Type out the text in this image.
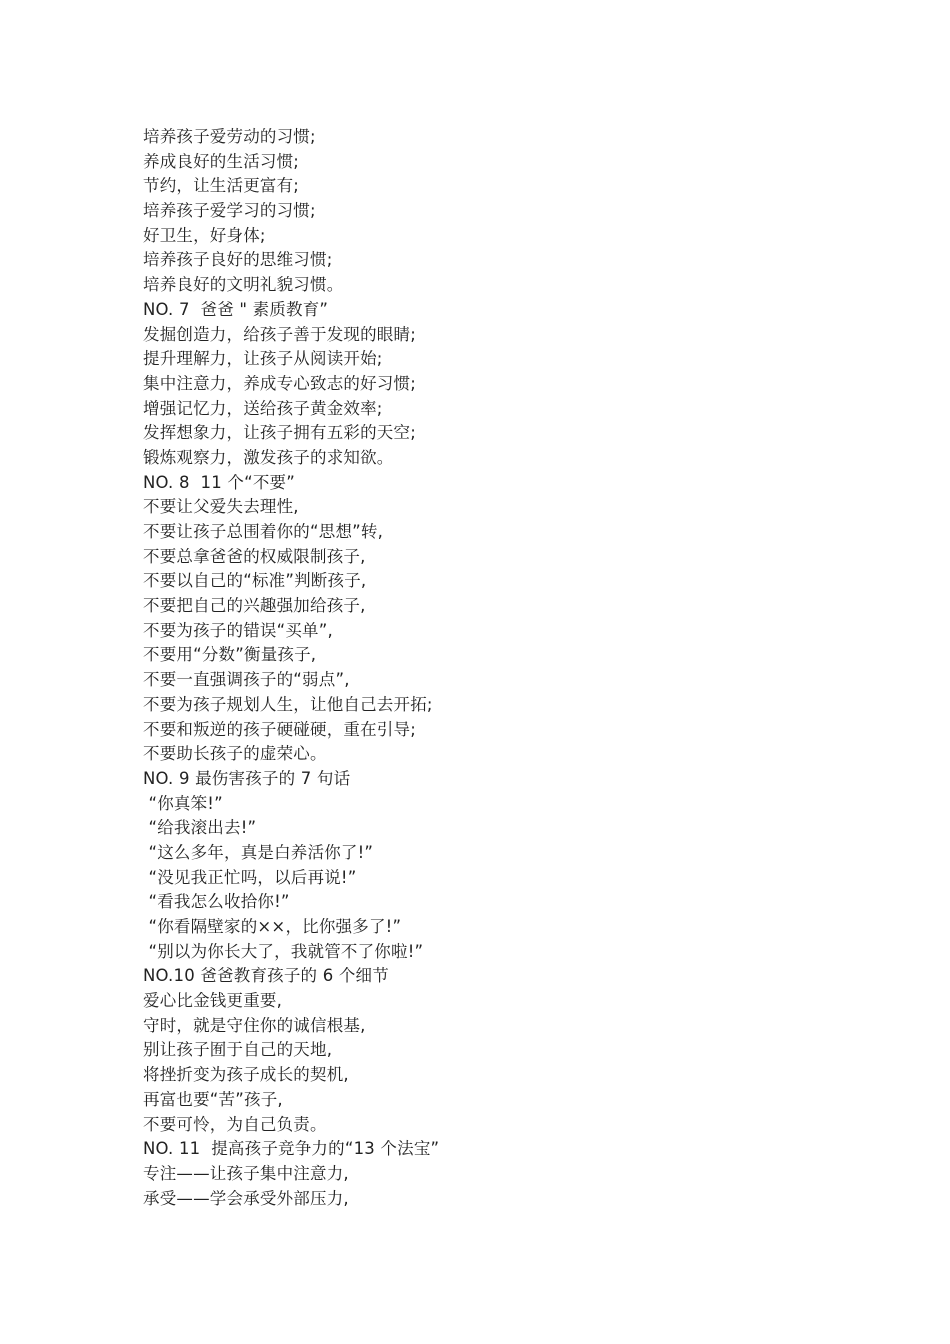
培养孩子爱劳动的习惯;
养成良好的生活习惯;
节约，让生活更富有;
培养孩子爱学习的习惯;
好卫生，好身体;
培养孩子良好的思维习惯;
培养良好的文明礼貌习惯。
NO. 7  爸爸 " 素质教育”
发掘创造力，给孩子善于发现的眼睛;
提升理解力，让孩子从阅读开始;
集中注意力，养成专心致志的好习惯;
增强记忆力，送给孩子黄金效率;
发挥想象力，让孩子拥有五彩的天空;
锻炼观察力，激发孩子的求知欲。
NO. 8  11 个“不要”
不要让父爱失去理性,
不要让孩子总围着你的“思想”转,
不要总拿爸爸的权威限制孩子,
不要以自己的“标准”判断孩子,
不要把自己的兴趣强加给孩子,
不要为孩子的错误“买单”,
不要用“分数”衡量孩子,
不要一直强调孩子的“弱点”,
不要为孩子规划人生，让他自己去开拓;
不要和叛逆的孩子硬碰硬，重在引导;
不要助长孩子的虚荣心。
NO. 9 最伤害孩子的 7 句话
“你真笨!”
“给我滚出去!”
“这么多年，真是白养活你了!”
“没见我正忙吗，以后再说!”
“看我怎么收拾你!”
“你看隔壁家的××，比你强多了!”
“别以为你长大了，我就管不了你啦!”
NO.10 爸爸教育孩子的 6 个细节
爱心比金钱更重要,
守时，就是守住你的诚信根基,
别让孩子囿于自己的天地,
将挫折变为孩子成长的契机,
再富也要“苦”孩子,
不要可怜，为自己负责。
NO. 11  提高孩子竞争力的“13 个法宝”
专注——让孩子集中注意力,
承受——学会承受外部压力,
